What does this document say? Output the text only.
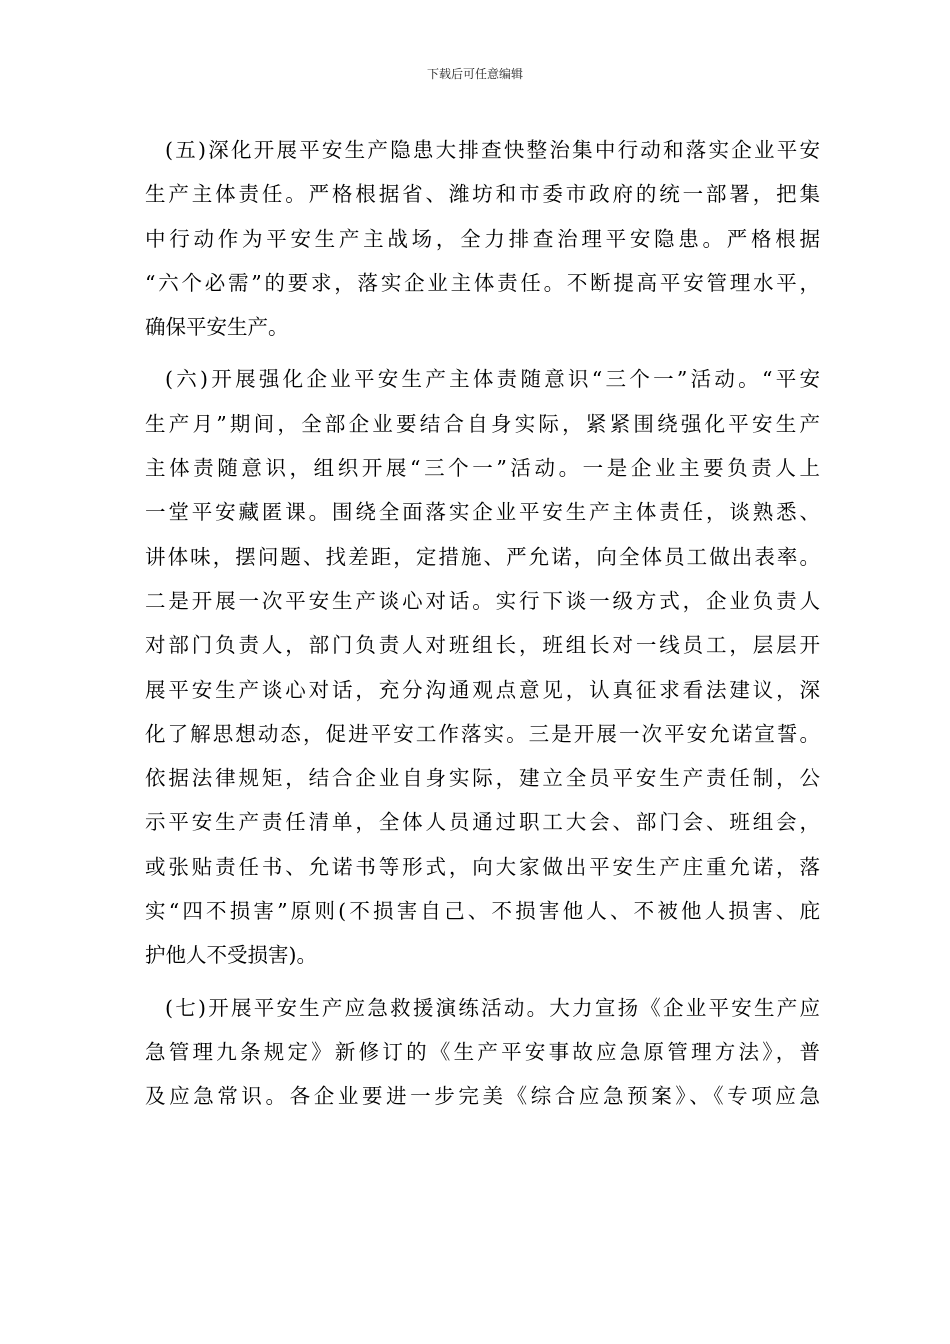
下载后可任意编辑
(五)深化开展平安生产隐患大排查快整治集中行动和落实企业平安
生产主体责任。严格根据省、潍坊和市委市政府的统一部署，把集
中行动作为平安生产主战场，全力排查治理平安隐患。严格根据
“六个必需”的要求，落实企业主体责任。不断提高平安管理水平，
确保平安生产。
(六)开展强化企业平安生产主体责随意识“三个一”活动。“平安
生产月”期间，全部企业要结合自身实际，紧紧围绕强化平安生产
主体责随意识，组织开展“三个一”活动。一是企业主要负责人上
一堂平安藏匿课。围绕全面落实企业平安生产主体责任，谈熟悉、
讲体味，摆问题、找差距，定措施、严允诺，向全体员工做出表率。
二是开展一次平安生产谈心对话。实行下谈一级方式，企业负责人
对部门负责人，部门负责人对班组长，班组长对一线员工，层层开
展平安生产谈心对话，充分沟通观点意见，认真征求看法建议，深
化了解思想动态，促进平安工作落实。三是开展一次平安允诺宣誓。
依据法律规矩，结合企业自身实际，建立全员平安生产责任制，公
示平安生产责任清单，全体人员通过职工大会、部门会、班组会，
或张贴责任书、允诺书等形式，向大家做出平安生产庄重允诺，落
实“四不损害”原则(不损害自己、不损害他人、不被他人损害、庇
护他人不受损害)。
(七)开展平安生产应急救援演练活动。大力宣扬《企业平安生产应
急管理九条规定》新修订的《生产平安事故应急原管理方法》，普
及应急常识。各企业要进一步完美《综合应急预案》、《专项应急
